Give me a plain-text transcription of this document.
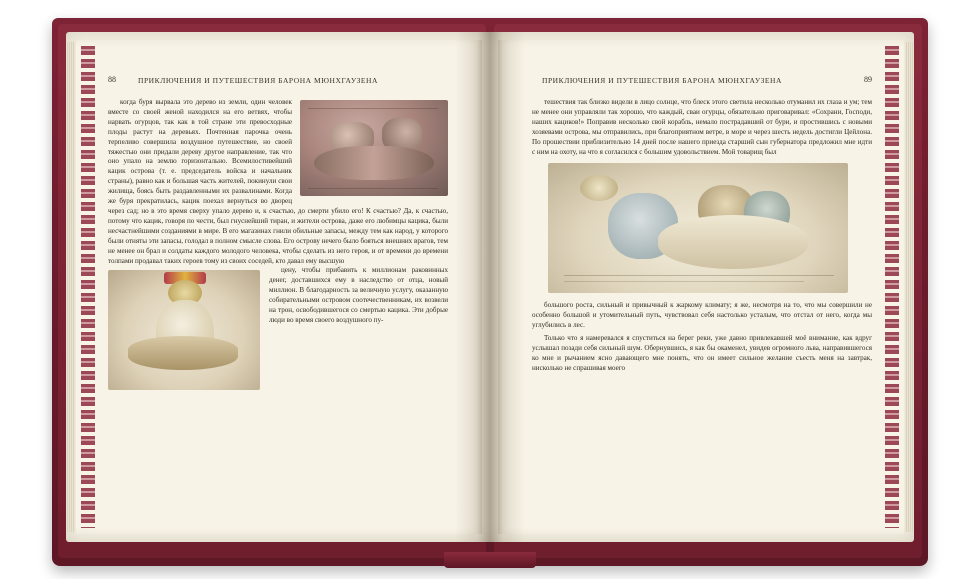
88	ПРИКЛЮЧЕНИЯ И ПУТЕШЕСТВИЯ БАРОНА МЮНХГАУЗЕНА

когда буря вырвала это дерево из земли, один человек вместе со своей женой находился на его ветвях, чтобы нарвать огурцов, так как в той стране эти превосходные плоды растут на деревьях. Почтенная парочка очень терпеливо совершила воздушное путешествие, но своей тяжестью они придали дереву другое направление, так что оно упало на землю горизонтально. Всемилостивейший кацик острова (т. е. председатель войска и начальник страны), равно как и большая часть жителей, покинули свои жилища, боясь быть раздавленными их развалинами. Когда же буря прекратилась, кацик поехал вернуться во дворец через сад; но в это время сверху упало дерево и, к счастью, до смерти убило его! К счастью? Да, к счастью, потому что кацик, говоря по чести, был гнуснейший тиран, и жители острова, даже его любимцы кацика, были несчастнейшими созданиями в мире. В его магазинах гнили обильные запасы, между тем как народ, у которого были отняты эти запасы, голодал в полном смысле слова. Его острову нечего было бояться внешних врагов, тем не менее он брал и солдаты каждого молодого человека, чтобы сделать из него героя, и от времени до времени толпами продавал таких героев тому из своих соседей, кто давал ему высшую

цену, чтобы прибавить к миллионам раковинных денег, доставшихся ему в наследство от отца, новый миллион. В благодарность за величную услугу, оказанную собирательными островом соотечественникам, их возвели на трон, освободившегося со смертью кацика. Эти добрые люди во время своего воздушного пу-

89
ПРИКЛЮЧЕНИЯ И ПУТЕШЕСТВИЯ БАРОНА МЮНХГАУЗЕНА

тешествия так близко видели в лицо солнце, что блеск этого светила несколько отуманил их глаза и ум; тем не менее они управляли так хорошо, что каждый, сваи огурцы, обязательно приговаривал: «Сохрани, Господи, наших кациков!» Поправив несколько свой корабль, немало пострадавший от бури, и простившись с новыми хозяевами острова, мы отправились, при благоприятном ветре, в море и через шесть недель достигли Цейлона. По прошествии приблизительно 14 дней после нашего приезда старший сын губернатора предложил мне идти с ним на охоту, на что я согласился с большим удовольствием. Мой товарищ был

большого роста, сильный и привычный к жаркому климату; я же, несмотря на то, что мы совершили не особенно большой и утомительный путь, чувствовал себя настолько усталым, что отстал от него, когда мы углубились в лес.

Только что я намеревался я спуститься на берег реки, уже давно привлекавшей моё внимание, как вдруг услышал позади себя сильный шум. Обернувшись, я как бы окаменел, увидев огромного льва, направившегося ко мне и рычанием ясно давающего мне понять, что он имеет сильное желание съесть меня на завтрак, нисколько не спрашивая моего
